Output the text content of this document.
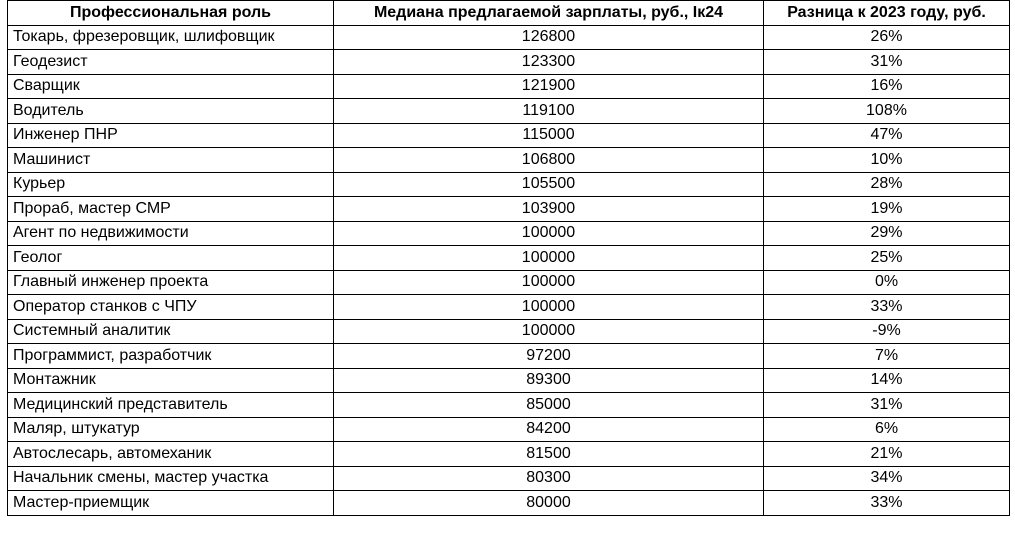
Профессиональная роль	Медиана предлагаемой зарплаты, руб., Iк24	Разница к 2023 году, руб.
Токарь, фрезеровщик, шлифовщик	126800	26%
Геодезист	123300	31%
Сварщик	121900	16%
Водитель	119100	108%
Инженер ПНР	115000	47%
Машинист	106800	10%
Курьер	105500	28%
Прораб, мастер СМР	103900	19%
Агент по недвижимости	100000	29%
Геолог	100000	25%
Главный инженер проекта	100000	0%
Оператор станков с ЧПУ	100000	33%
Системный аналитик	100000	-9%
Программист, разработчик	97200	7%
Монтажник	89300	14%
Медицинский представитель	85000	31%
Маляр, штукатур	84200	6%
Автослесарь, автомеханик	81500	21%
Начальник смены, мастер участка	80300	34%
Мастер-приемщик	80000	33%
